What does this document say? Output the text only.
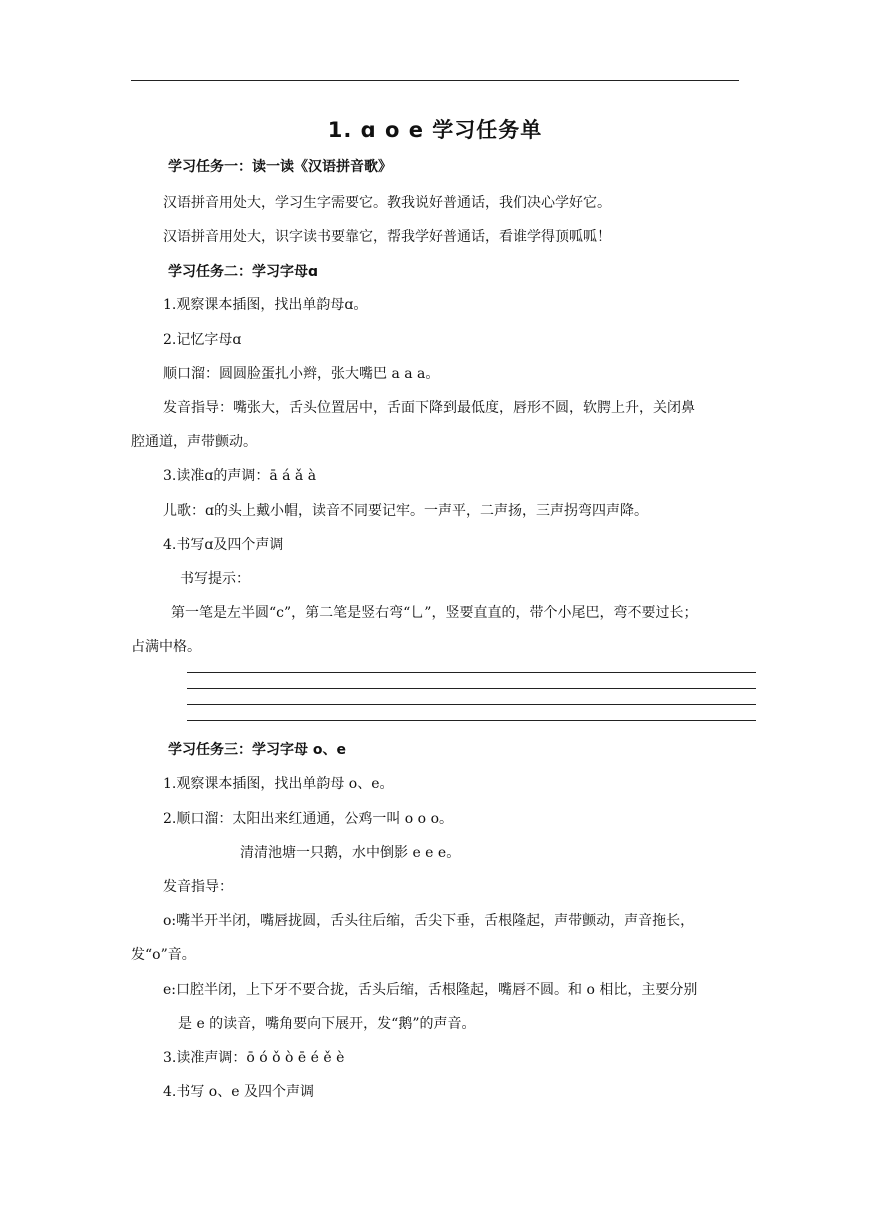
1. ɑ o e 学习任务单
学习任务一：读一读《汉语拼音歌》
汉语拼音用处大，学习生字需要它。教我说好普通话，我们决心学好它。
汉语拼音用处大，识字读书要靠它，帮我学好普通话，看谁学得顶呱呱！
学习任务二：学习字母ɑ
1.观察课本插图，找出单韵母ɑ。
2.记忆字母ɑ
顺口溜：圆圆脸蛋扎小辫，张大嘴巴 a a a。
发音指导：嘴张大，舌头位置居中，舌面下降到最低度，唇形不圆，软腭上升，关闭鼻
腔通道，声带颤动。
3.读准ɑ的声调：ā á ǎ à
儿歌：ɑ的头上戴小帽，读音不同要记牢。一声平，二声扬，三声拐弯四声降。
4.书写ɑ及四个声调
书写提示：
第一笔是左半圆“c”，第二笔是竖右弯“乚”，竖要直直的，带个小尾巴，弯不要过长；
占满中格。
学习任务三：学习字母 o、e
1.观察课本插图，找出单韵母 o、e。
2.顺口溜：太阳出来红通通，公鸡一叫 o o o。
清清池塘一只鹅，水中倒影 e e e。
发音指导：
o:嘴半开半闭，嘴唇拢圆，舌头往后缩，舌尖下垂，舌根隆起，声带颤动，声音拖长，
发“o”音。
e:口腔半闭，上下牙不要合拢，舌头后缩，舌根隆起，嘴唇不圆。和 o 相比，主要分别
是 e 的读音，嘴角要向下展开，发“鹅”的声音。
3.读准声调：ō ó ǒ ò ē é ě è
4.书写 o、e 及四个声调
